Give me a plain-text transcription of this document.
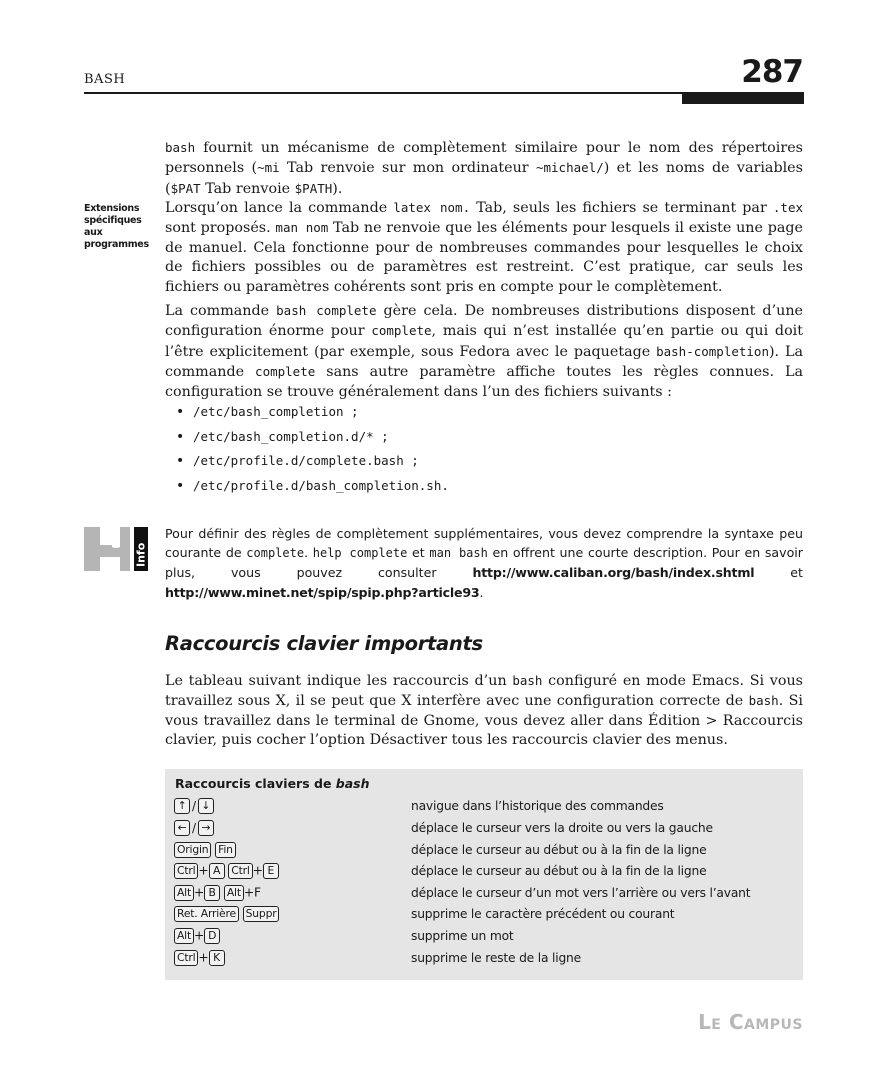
BASH	287
Extensions spécifiques aux programmes

bash fournit un mécanisme de complètement similaire pour le nom des répertoires personnels (~mi Tab renvoie sur mon ordinateur ~michael/) et les noms de variables ($PAT Tab renvoie $PATH).

Lorsqu’on lance la commande latex nom. Tab, seuls les fichiers se terminant par .tex sont proposés. man nom Tab ne renvoie que les éléments pour lesquels il existe une page de manuel. Cela fonctionne pour de nombreuses commandes pour lesquelles le choix de fichiers possibles ou de paramètres est restreint. C’est pratique, car seuls les fichiers ou paramètres cohérents sont pris en compte pour le complètement.

La commande bash complete gère cela. De nombreuses distributions disposent d’une configuration énorme pour complete, mais qui n’est installée qu’en partie ou qui doit l’être explicitement (par exemple, sous Fedora avec le paquetage bash-completion). La commande complete sans autre paramètre affiche toutes les règles connues. La configuration se trouve généralement dans l’un des fichiers suivants :

• /etc/bash_completion ;
• /etc/bash_completion.d/* ;
• /etc/profile.d/complete.bash ;
• /etc/profile.d/bash_completion.sh.
Info
Pour définir des règles de complètement supplémentaires, vous devez comprendre la syntaxe peu courante de complete. help complete et man bash en offrent une courte description. Pour en savoir plus, vous pouvez consulter http://www.caliban.org/bash/index.shtml et http://www.minet.net/spip/spip.php?article93.
Raccourcis clavier importants

Le tableau suivant indique les raccourcis d’un bash configuré en mode Emacs. Si vous travaillez sous X, il se peut que X interfère avec une configuration correcte de bash. Si vous travaillez dans le terminal de Gnome, vous devez aller dans Édition > Raccourcis clavier, puis cocher l’option Désactiver tous les raccourcis clavier des menus.

Raccourcis claviers de bash
↑ / ↓	navigue dans l’historique des commandes
← / →	déplace le curseur vers la droite ou vers la gauche
Origin Fin	déplace le curseur au début ou à la fin de la ligne
Ctrl + A Ctrl + E	déplace le curseur au début ou à la fin de la ligne
Alt + B Alt +F	déplace le curseur d’un mot vers l’arrière ou vers l’avant
Ret. Arrière Suppr	supprime le caractère précédent ou courant
Alt + D	supprime un mot
Ctrl + K	supprime le reste de la ligne
Le Campus
